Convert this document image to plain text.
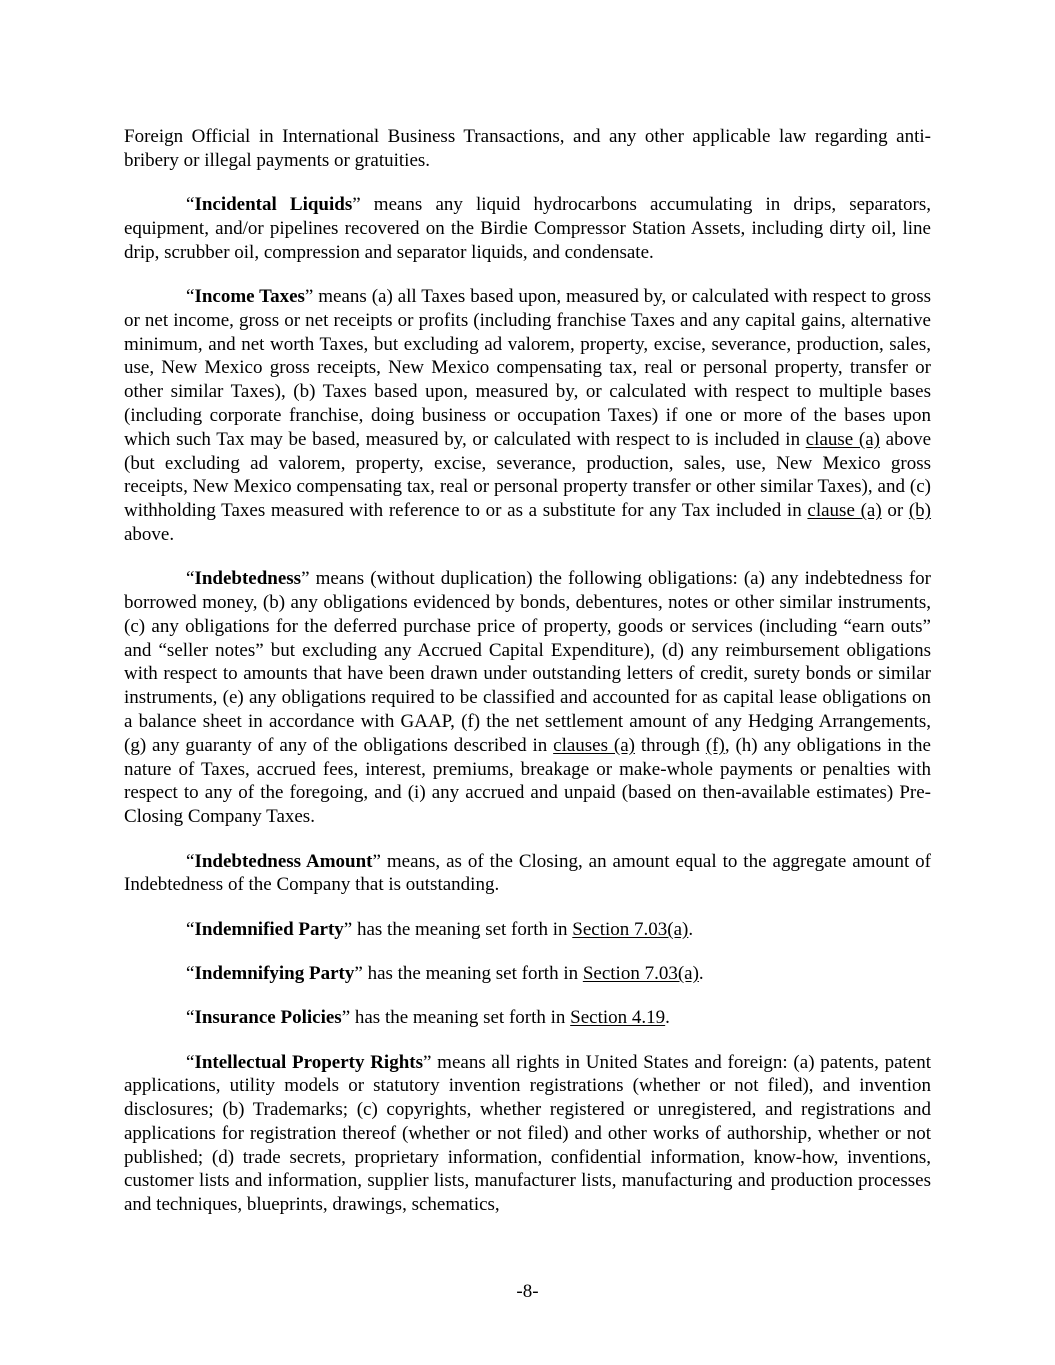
Foreign Official in International Business Transactions, and any other applicable law regarding anti-bribery or illegal payments or gratuities.

“Incidental Liquids” means any liquid hydrocarbons accumulating in drips, separators, equipment, and/or pipelines recovered on the Birdie Compressor Station Assets, including dirty oil, line drip, scrubber oil, compression and separator liquids, and condensate.

“Income Taxes” means (a) all Taxes based upon, measured by, or calculated with respect to gross or net income, gross or net receipts or profits (including franchise Taxes and any capital gains, alternative minimum, and net worth Taxes, but excluding ad valorem, property, excise, severance, production, sales, use, New Mexico gross receipts, New Mexico compensating tax, real or personal property, transfer or other similar Taxes), (b) Taxes based upon, measured by, or calculated with respect to multiple bases (including corporate franchise, doing business or occupation Taxes) if one or more of the bases upon which such Tax may be based, measured by, or calculated with respect to is included in clause (a) above (but excluding ad valorem, property, excise, severance, production, sales, use, New Mexico gross receipts, New Mexico compensating tax, real or personal property transfer or other similar Taxes), and (c) withholding Taxes measured with reference to or as a substitute for any Tax included in clause (a) or (b) above.

“Indebtedness” means (without duplication) the following obligations: (a) any indebtedness for borrowed money, (b) any obligations evidenced by bonds, debentures, notes or other similar instruments, (c) any obligations for the deferred purchase price of property, goods or services (including “earn outs” and “seller notes” but excluding any Accrued Capital Expenditure), (d) any reimbursement obligations with respect to amounts that have been drawn under outstanding letters of credit, surety bonds or similar instruments, (e) any obligations required to be classified and accounted for as capital lease obligations on a balance sheet in accordance with GAAP, (f) the net settlement amount of any Hedging Arrangements, (g) any guaranty of any of the obligations described in clauses (a) through (f), (h) any obligations in the nature of Taxes, accrued fees, interest, premiums, breakage or make-whole payments or penalties with respect to any of the foregoing, and (i) any accrued and unpaid (based on then-available estimates) Pre-Closing Company Taxes.

“Indebtedness Amount” means, as of the Closing, an amount equal to the aggregate amount of Indebtedness of the Company that is outstanding.

“Indemnified Party” has the meaning set forth in Section 7.03(a).

“Indemnifying Party” has the meaning set forth in Section 7.03(a).

“Insurance Policies” has the meaning set forth in Section 4.19.

“Intellectual Property Rights” means all rights in United States and foreign: (a) patents, patent applications, utility models or statutory invention registrations (whether or not filed), and invention disclosures; (b) Trademarks; (c) copyrights, whether registered or unregistered, and registrations and applications for registration thereof (whether or not filed) and other works of authorship, whether or not published; (d) trade secrets, proprietary information, confidential information, know-how, inventions, customer lists and information, supplier lists, manufacturer lists, manufacturing and production processes and techniques, blueprints, drawings, schematics,

-8-
